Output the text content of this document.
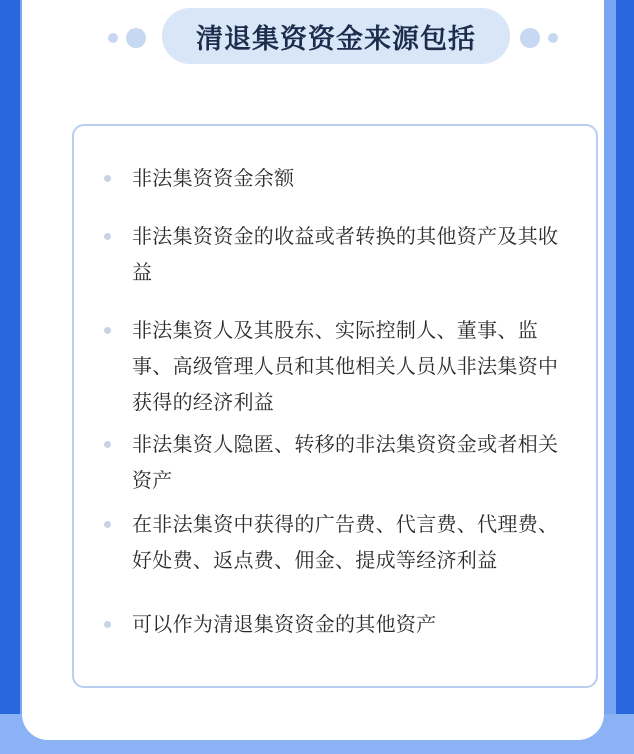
清退集资资金来源包括
非法集资资金余额
非法集资资金的收益或者转换的其他资产及其收益
非法集资人及其股东、实际控制人、董事、监事、高级管理人员和其他相关人员从非法集资中获得的经济利益
非法集资人隐匿、转移的非法集资资金或者相关资产
在非法集资中获得的广告费、代言费、代理费、好处费、返点费、佣金、提成等经济利益
可以作为清退集资资金的其他资产
